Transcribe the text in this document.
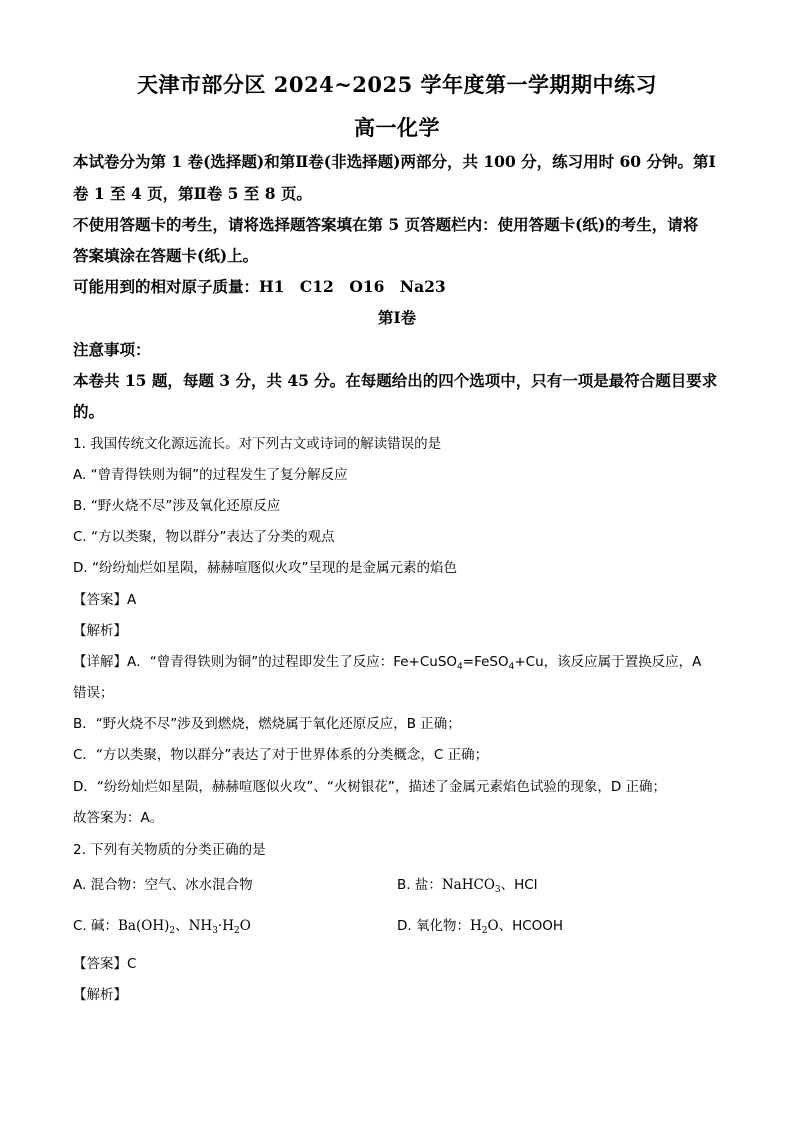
天津市部分区 2024~2025 学年度第一学期期中练习
高一化学
本试卷分为第 1 卷(选择题)和第Ⅱ卷(非选择题)两部分，共 100 分，练习用时 60 分钟。第Ⅰ
卷 1 至 4 页，第Ⅱ卷 5 至 8 页。
不使用答题卡的考生，请将选择题答案填在第 5 页答题栏内：使用答题卡(纸)的考生，请将
答案填涂在答题卡(纸)上。
可能用到的相对原子质量：H1　C12　O16　Na23
第Ⅰ卷
注意事项：
本卷共 15 题，每题 3 分，共 45 分。在每题给出的四个选项中，只有一项是最符合题目要求
的。
1. 我国传统文化源远流长。对下列古文或诗词的解读错误的是
A. “曾青得铁则为铜”的过程发生了复分解反应
B. “野火烧不尽”涉及氧化还原反应
C. “方以类聚，物以群分”表达了分类的观点
D. “纷纷灿烂如星陨，赫赫喧豗似火攻”呈现的是金属元素的焰色
【答案】A
【解析】
【详解】A．“曾青得铁则为铜”的过程即发生了反应：Fe+CuSO$_4$=FeSO$_4$+Cu，该反应属于置换反应，A
错误；
B．“野火烧不尽”涉及到燃烧，燃烧属于氧化还原反应，B 正确；
C．“方以类聚，物以群分”表达了对于世界体系的分类概念，C 正确；
D．“纷纷灿烂如星陨，赫赫喧豗似火攻”、“火树银花”，描述了金属元素焰色试验的现象，D 正确；
故答案为：A。
2. 下列有关物质的分类正确的是
A. 混合物：空气、冰水混合物	B. 盐：NaHCO$_3$、HCl
C. 碱：$Ba(OH)_2$、$NH_3\cdot H_2O$	D. 氧化物：$H_2O$、HCOOH
【答案】C
【解析】
